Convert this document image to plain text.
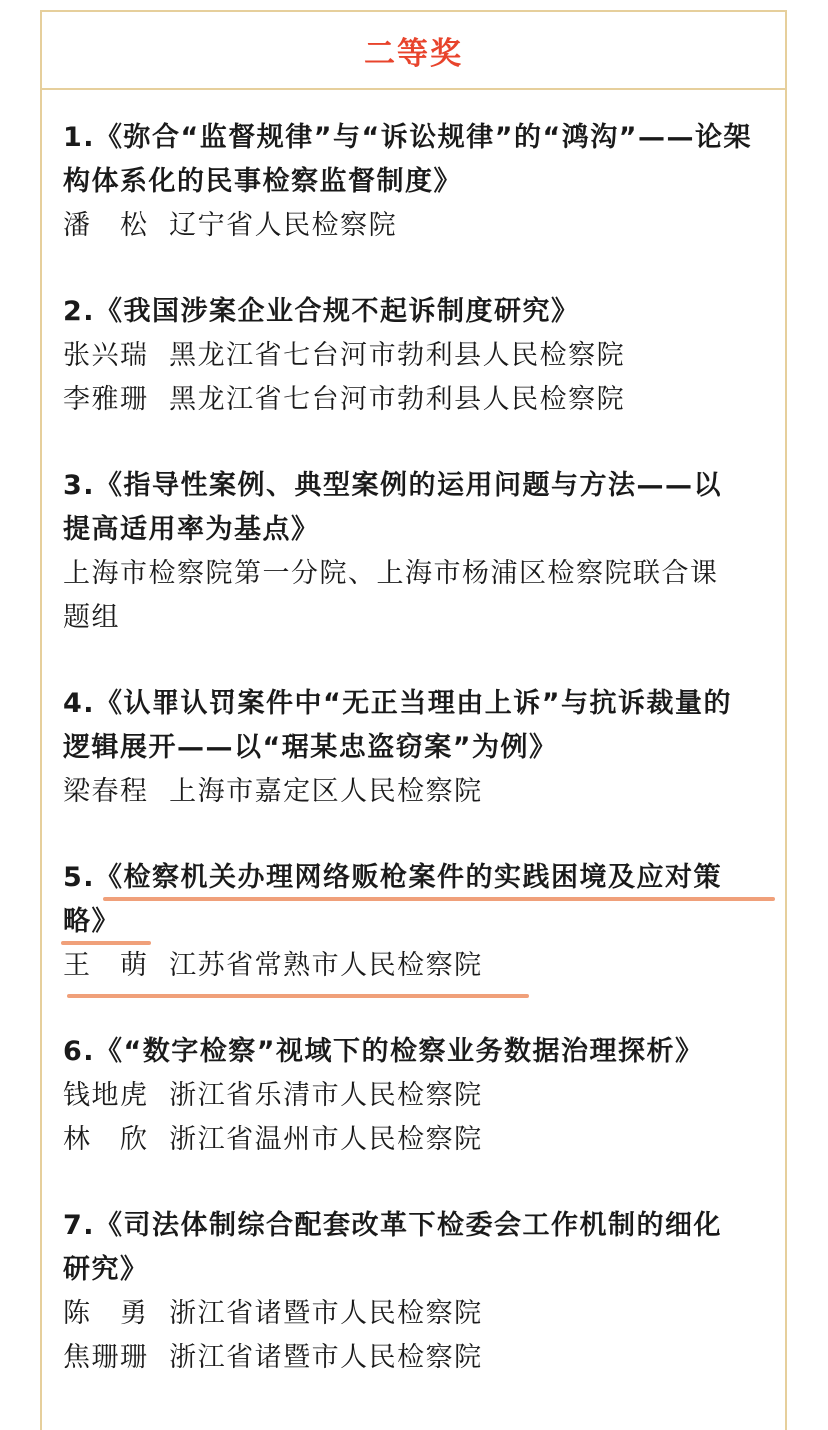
二等奖
1.《弥合“监督规律”与“诉讼规律”的“鸿沟”——论架
构体系化的民事检察监督制度》
潘　松 辽宁省人民检察院
2.《我国涉案企业合规不起诉制度研究》
张兴瑞 黑龙江省七台河市勃利县人民检察院
李雅珊 黑龙江省七台河市勃利县人民检察院
3.《指导性案例、典型案例的运用问题与方法——以
提高适用率为基点》
上海市检察院第一分院、上海市杨浦区检察院联合课
题组
4.《认罪认罚案件中“无正当理由上诉”与抗诉裁量的
逻辑展开——以“琚某忠盗窃案”为例》
梁春程 上海市嘉定区人民检察院
5.《检察机关办理网络贩枪案件的实践困境及应对策
略》
王　萌 江苏省常熟市人民检察院
6.《“数字检察”视域下的检察业务数据治理探析》
钱地虎 浙江省乐清市人民检察院
林　欣 浙江省温州市人民检察院
7.《司法体制综合配套改革下检委会工作机制的细化
研究》
陈　勇 浙江省诸暨市人民检察院
焦珊珊 浙江省诸暨市人民检察院
